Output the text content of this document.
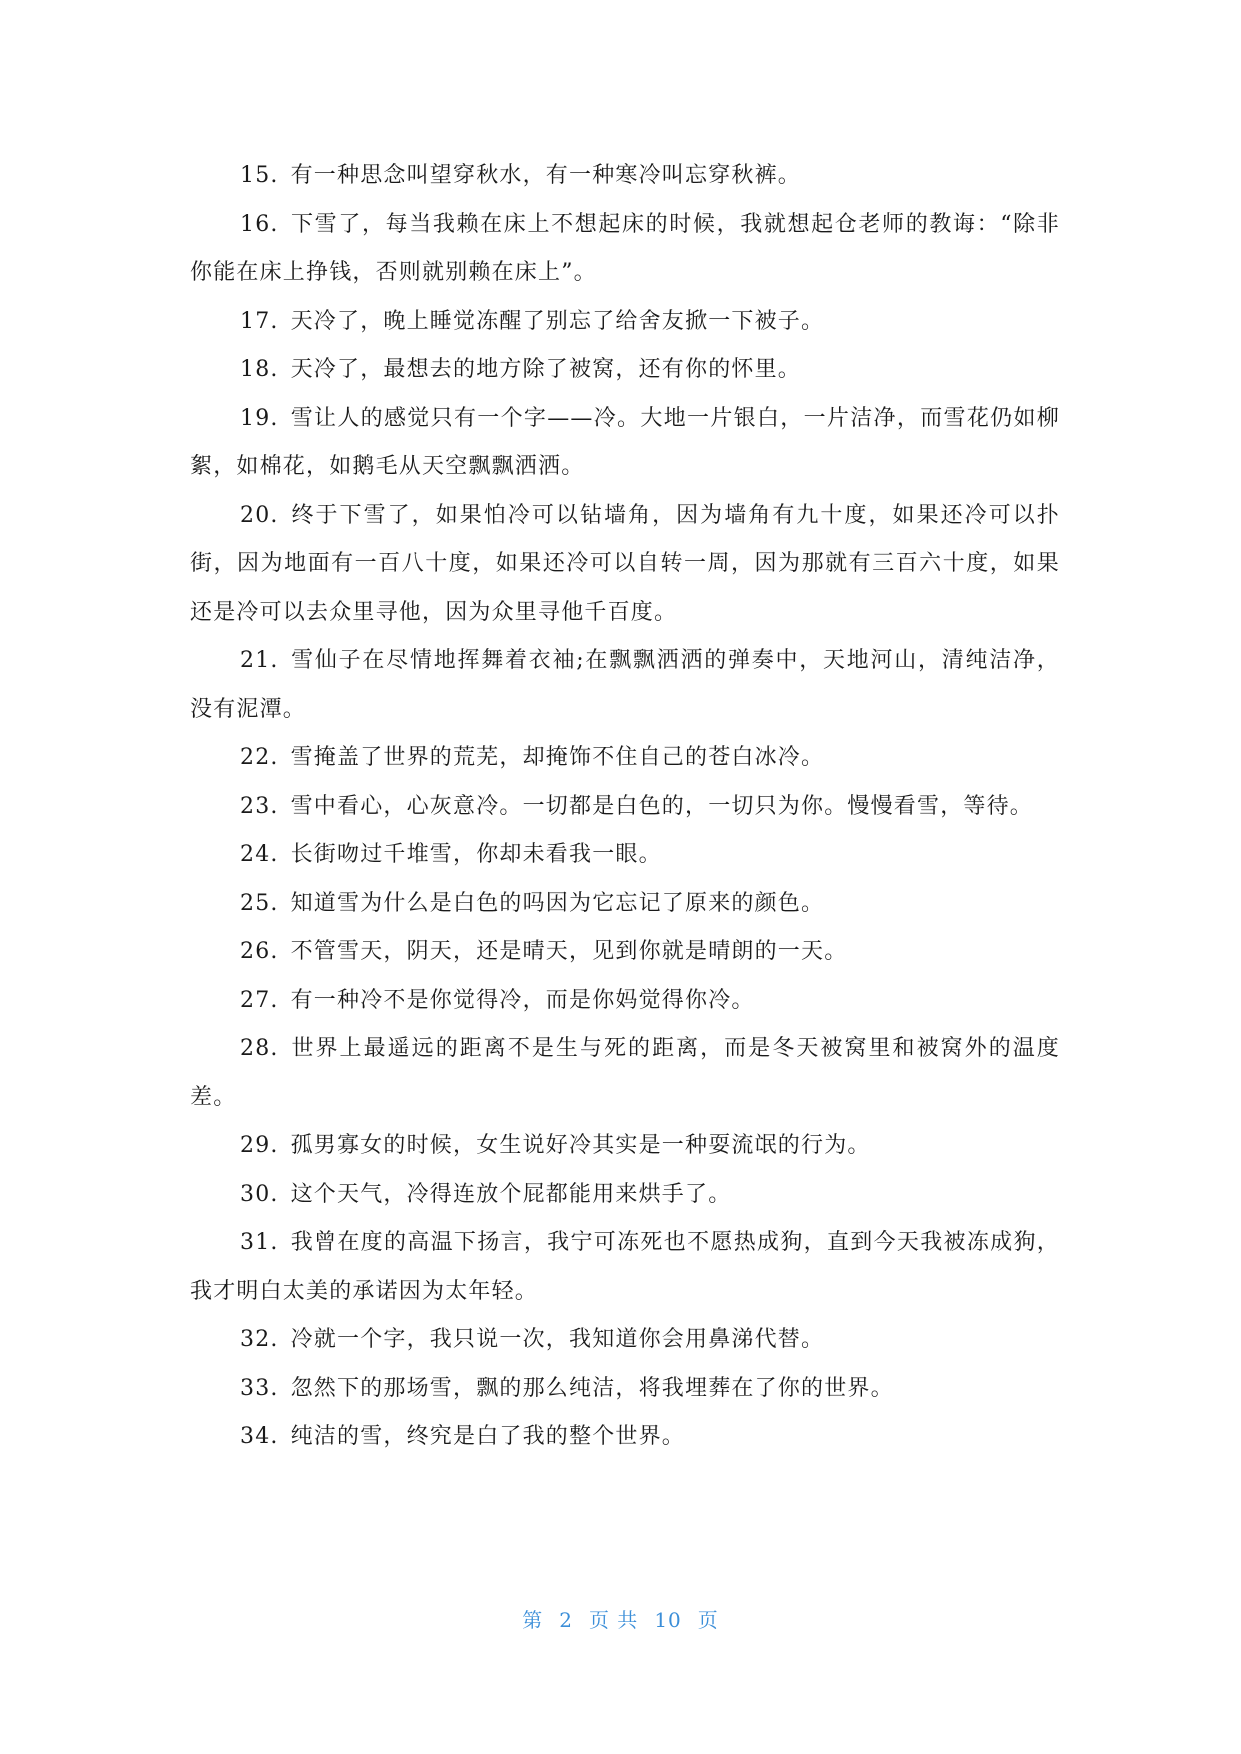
15. 有一种思念叫望穿秋水，有一种寒冷叫忘穿秋裤。

16. 下雪了，每当我赖在床上不想起床的时候，我就想起仓老师的教诲：“除非你能在床上挣钱，否则就别赖在床上”。

17. 天冷了，晚上睡觉冻醒了别忘了给舍友掀一下被子。

18. 天冷了，最想去的地方除了被窝，还有你的怀里。

19. 雪让人的感觉只有一个字——冷。大地一片银白，一片洁净，而雪花仍如柳絮，如棉花，如鹅毛从天空飘飘洒洒。

20. 终于下雪了，如果怕冷可以钻墙角，因为墙角有九十度，如果还冷可以扑街，因为地面有一百八十度，如果还冷可以自转一周，因为那就有三百六十度，如果还是冷可以去众里寻他，因为众里寻他千百度。

21. 雪仙子在尽情地挥舞着衣袖;在飘飘洒洒的弹奏中，天地河山，清纯洁净，没有泥潭。

22. 雪掩盖了世界的荒芜，却掩饰不住自己的苍白冰冷。

23. 雪中看心，心灰意冷。一切都是白色的，一切只为你。慢慢看雪，等待。

24. 长街吻过千堆雪，你却未看我一眼。

25. 知道雪为什么是白色的吗因为它忘记了原来的颜色。

26. 不管雪天，阴天，还是晴天，见到你就是晴朗的一天。

27. 有一种冷不是你觉得冷，而是你妈觉得你冷。

28. 世界上最遥远的距离不是生与死的距离，而是冬天被窝里和被窝外的温度差。

29. 孤男寡女的时候，女生说好冷其实是一种耍流氓的行为。

30. 这个天气，冷得连放个屁都能用来烘手了。

31. 我曾在度的高温下扬言，我宁可冻死也不愿热成狗，直到今天我被冻成狗，我才明白太美的承诺因为太年轻。

32. 冷就一个字，我只说一次，我知道你会用鼻涕代替。

33. 忽然下的那场雪，飘的那么纯洁，将我埋葬在了你的世界。

34. 纯洁的雪，终究是白了我的整个世界。

第 2 页 共 10 页
